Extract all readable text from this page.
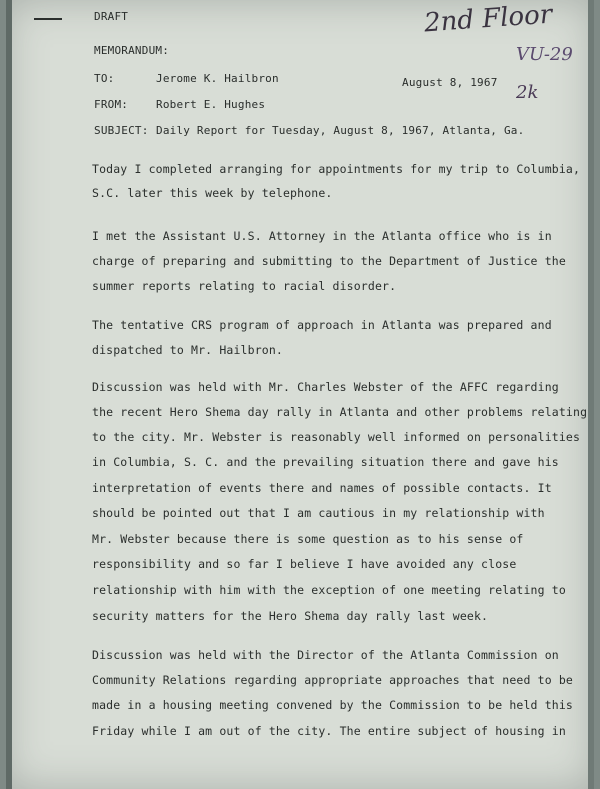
DRAFT
MEMORANDUM:
TO:	Jerome K. Hailbron	August 8, 1967
FROM:	Robert E. Hughes
SUBJECT: Daily Report for Tuesday, August 8, 1967, Atlanta, Ga.
2nd Floor
VU-29
2k
Today I completed arranging for appointments for my trip to Columbia,
S.C. later this week by telephone.
I met the Assistant U.S. Attorney in the Atlanta office who is in
charge of preparing and submitting to the Department of Justice the
summer reports relating to racial disorder.
The tentative CRS program of approach in Atlanta was prepared and
dispatched to Mr. Hailbron.
Discussion was held with Mr. Charles Webster of the AFFC regarding
the recent Hero Shema day rally in Atlanta and other problems relating
to the city. Mr. Webster is reasonably well informed on personalities
in Columbia, S. C. and the prevailing situation there and gave his
interpretation of events there and names of possible contacts. It
should be pointed out that I am cautious in my relationship with
Mr. Webster because there is some question as to his sense of
responsibility and so far I believe I have avoided any close
relationship with him with the exception of one meeting relating to
security matters for the Hero Shema day rally last week.
Discussion was held with the Director of the Atlanta Commission on
Community Relations regarding appropriate approaches that need to be
made in a housing meeting convened by the Commission to be held this
Friday while I am out of the city. The entire subject of housing in
